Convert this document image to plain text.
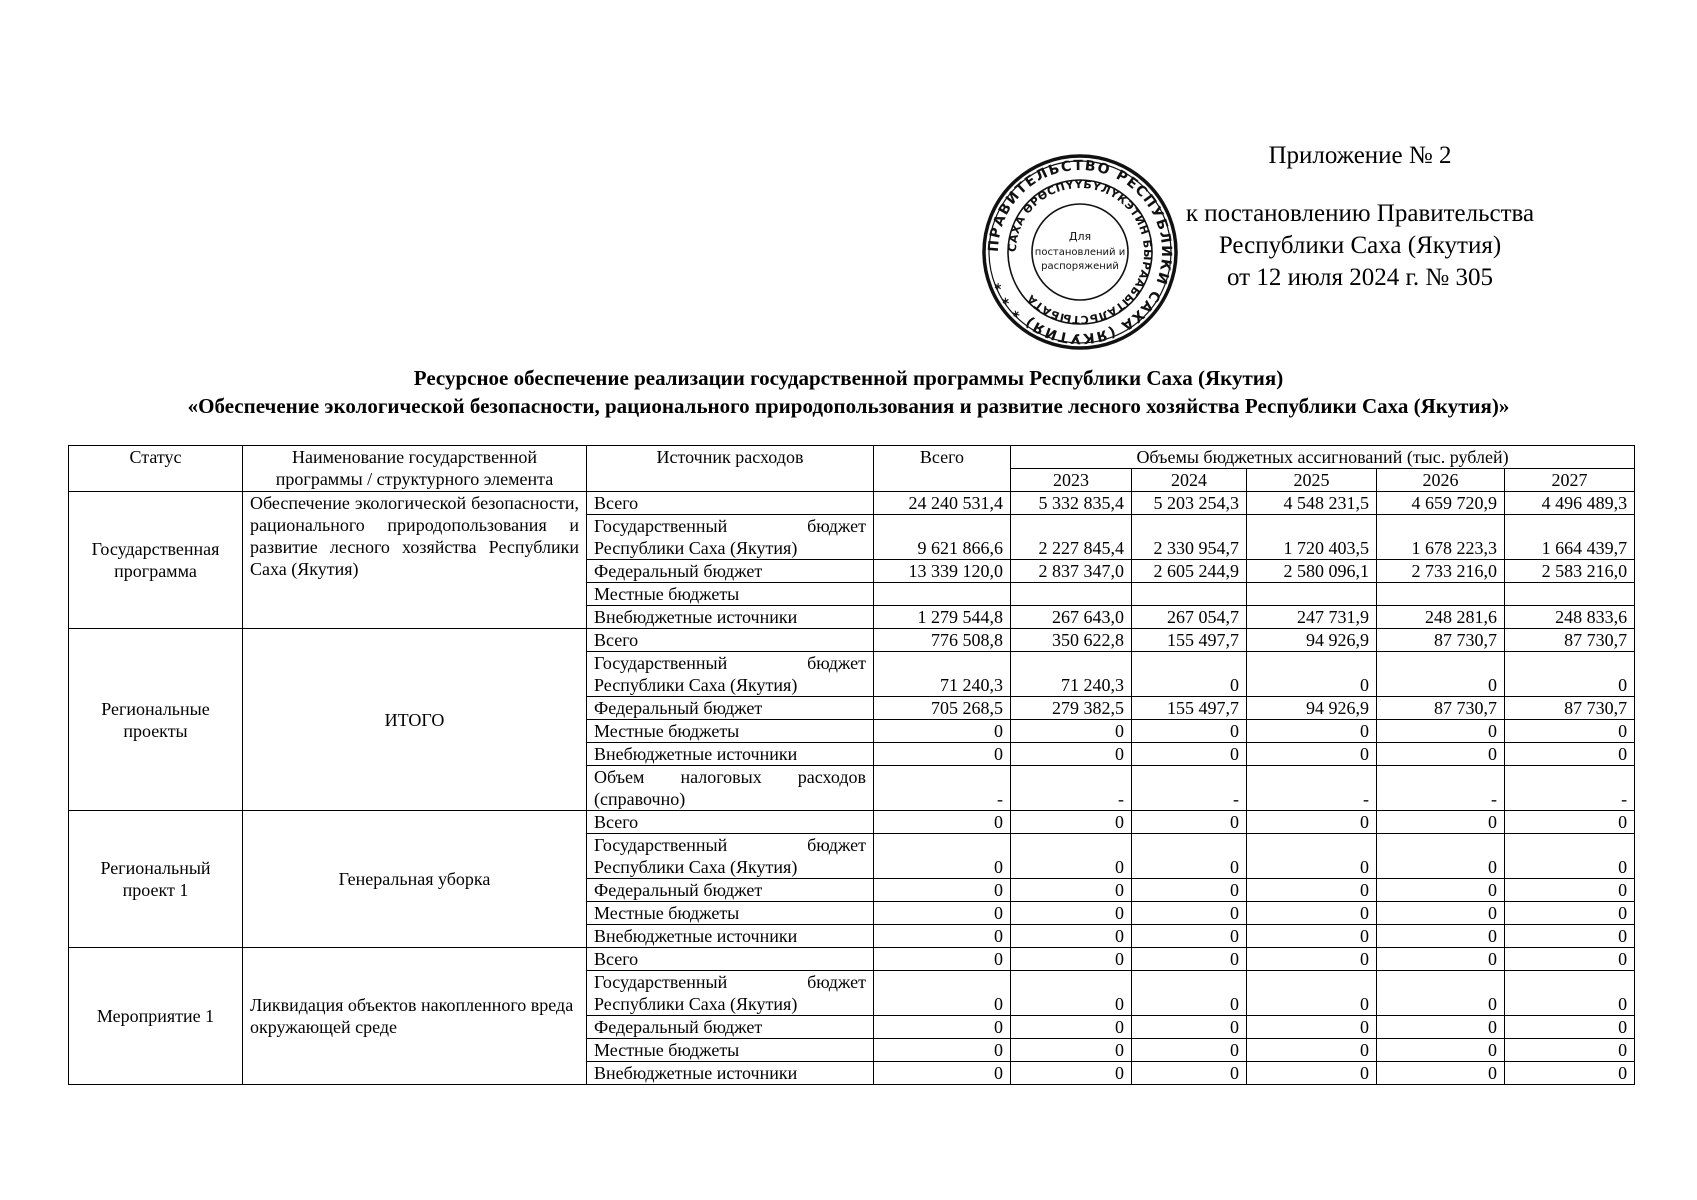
Приложение № 2
к постановлению Правительства
Республики Саха (Якутия)
от 12 июля 2024 г. № 305
ПРАВИТЕЛЬСТВО РЕСПУБЛИКИ САХА (ЯКУТИЯ) * * *
САХА ӨРӨСПҮҮБҮЛҮКЭТИН БЫРААБЫТАЛЬСТЫБАТА
Для
постановлений и
распоряжений
Ресурсное обеспечение реализации государственной программы Республики Саха (Якутия)
«Обеспечение экологической безопасности, рационального природопользования и развитие лесного хозяйства Республики Саха (Якутия)»
Статус	Наименование государственной программы / структурного элемента	Источник расходов	Всего	Объемы бюджетных ассигнований (тыс. рублей)				
				2023	2024	2025	2026	2027
Государственная программа	Обеспечение экологической безопасности, рационального природопользования и развитие лесного хозяйства Республики Саха (Якутия)	Всего	24 240 531,4	5 332 835,4	5 203 254,3	4 548 231,5	4 659 720,9	4 496 489,3
		Государственный бюджет Республики Саха (Якутия)	9 621 866,6	2 227 845,4	2 330 954,7	1 720 403,5	1 678 223,3	1 664 439,7
		Федеральный бюджет	13 339 120,0	2 837 347,0	2 605 244,9	2 580 096,1	2 733 216,0	2 583 216,0
		Местные бюджеты						
		Внебюджетные источники	1 279 544,8	267 643,0	267 054,7	247 731,9	248 281,6	248 833,6
Региональные проекты	ИТОГО	Всего	776 508,8	350 622,8	155 497,7	94 926,9	87 730,7	87 730,7
		Государственный бюджет Республики Саха (Якутия)	71 240,3	71 240,3	0	0	0	0
		Федеральный бюджет	705 268,5	279 382,5	155 497,7	94 926,9	87 730,7	87 730,7
		Местные бюджеты	0	0	0	0	0	0
		Внебюджетные источники	0	0	0	0	0	0
		Объем налоговых расходов (справочно)	-	-	-	-	-	-
Региональный проект 1	Генеральная уборка	Всего	0	0	0	0	0	0
		Государственный бюджет Республики Саха (Якутия)	0	0	0	0	0	0
		Федеральный бюджет	0	0	0	0	0	0
		Местные бюджеты	0	0	0	0	0	0
		Внебюджетные источники	0	0	0	0	0	0
Мероприятие 1	Ликвидация объектов накопленного вреда окружающей среде	Всего	0	0	0	0	0	0
		Государственный бюджет Республики Саха (Якутия)	0	0	0	0	0	0
		Федеральный бюджет	0	0	0	0	0	0
		Местные бюджеты	0	0	0	0	0	0
		Внебюджетные источники	0	0	0	0	0	0
